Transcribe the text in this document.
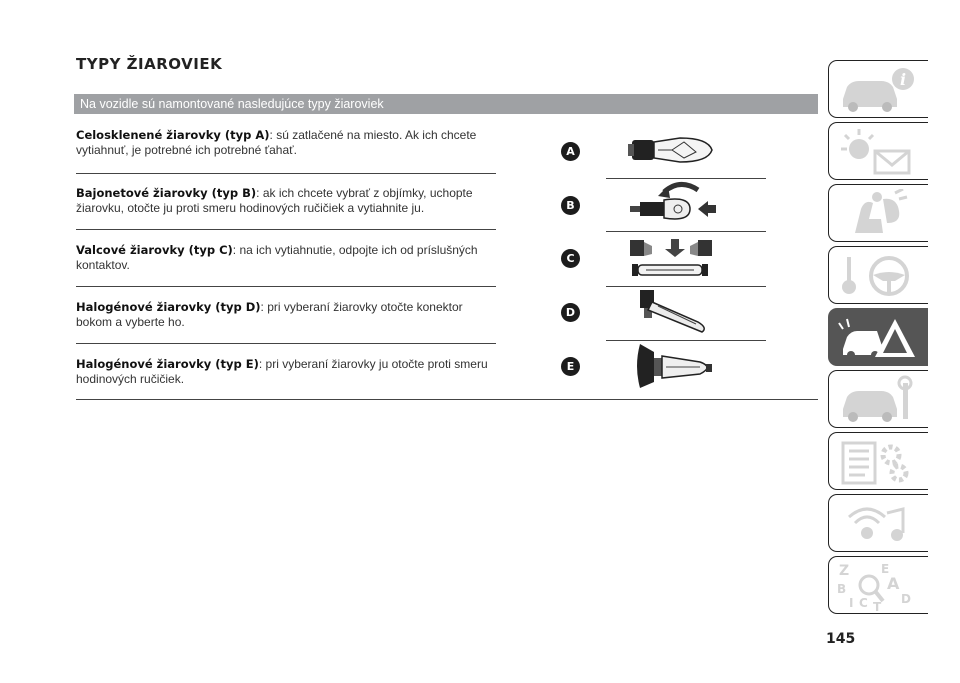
TYPY ŽIAROVIEK
Na vozidle sú namontované nasledujúce typy žiaroviek
Celosklenené žiarovky (typ A): sú zatlačené na miesto. Ak ich chcete vytiahnuť, je potrebné ich potrebné ťahať.
Bajonetové žiarovky (typ B): ak ich chcete vybrať z objímky, uchopte žiarovku, otočte ju proti smeru hodinových ručičiek a vytiahnite ju.
Valcové žiarovky (typ C): na ich vytiahnutie, odpojte ich od príslušných kontaktov.
Halogénové žiarovky (typ D): pri vyberaní žiarovky otočte konektor bokom a vyberte ho.
Halogénové žiarovky (typ E): pri vyberaní žiarovky ju otočte proti smeru hodinových ručičiek.
A
B
C
D
E
i
Z	E
A
B
I C T
D
145
